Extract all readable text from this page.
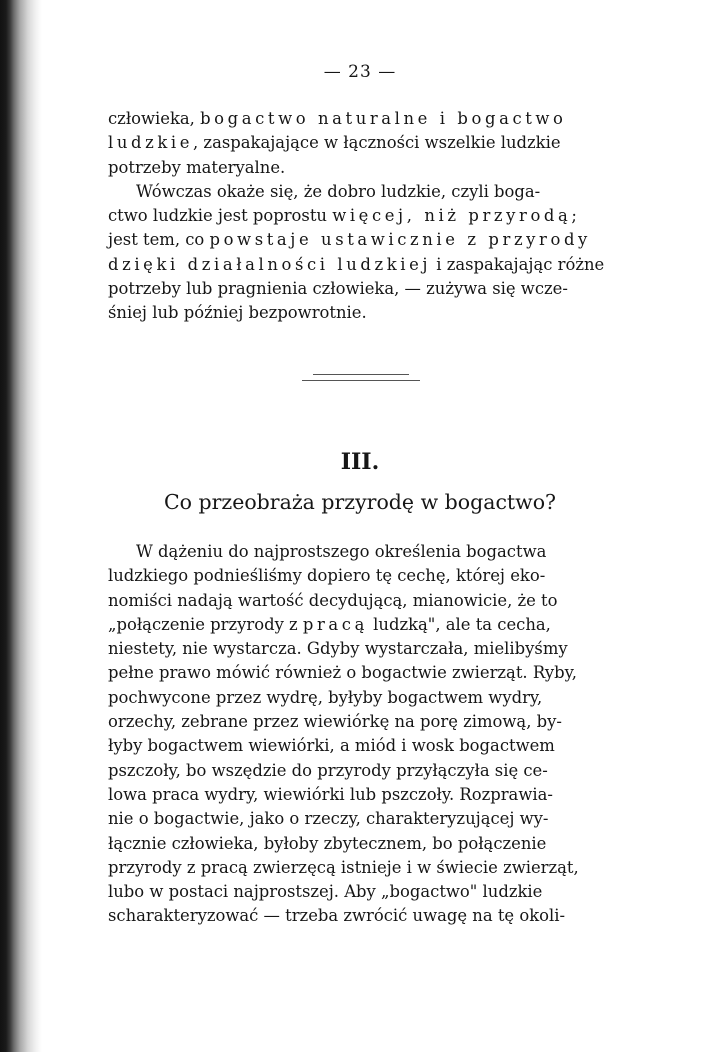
— 23 —

człowieka, bogactwo naturalne i bogactwo

ludzkie, zaspakajające w łączności wszelkie ludzkie

potrzeby materyalne.

Wówczas okaże się, że dobro ludzkie, czyli boga-

ctwo ludzkie jest poprostu więcej, niż przyrodą;

jest tem, co powstaje ustawicznie z przyrody

dzięki działalności ludzkiej i zaspakajając różne

potrzeby lub pragnienia człowieka, — zużywa się wcze-

śniej lub później bezpowrotnie.

III.
Co przeobraża przyrodę w bogactwo?

W dążeniu do najprostszego określenia bogactwa

ludzkiego podnieśliśmy dopiero tę cechę, której eko-

nomiści nadają wartość decydującą, mianowicie, że to

„połączenie przyrody z pracą ludzką", ale ta cecha,

niestety, nie wystarcza. Gdyby wystarczała, mielibyśmy

pełne prawo mówić również o bogactwie zwierząt. Ryby,

pochwycone przez wydrę, byłyby bogactwem wydry,

orzechy, zebrane przez wiewiórkę na porę zimową, by-

łyby bogactwem wiewiórki, a miód i wosk bogactwem

pszczoły, bo wszędzie do przyrody przyłączyła się ce-

lowa praca wydry, wiewiórki lub pszczoły. Rozprawia-

nie o bogactwie, jako o rzeczy, charakteryzującej wy-

łącznie człowieka, byłoby zbytecznem, bo połączenie

przyrody z pracą zwierzęcą istnieje i w świecie zwierząt,

lubo w postaci najprostszej. Aby „bogactwo" ludzkie

scharakteryzować — trzeba zwrócić uwagę na tę okoli-
